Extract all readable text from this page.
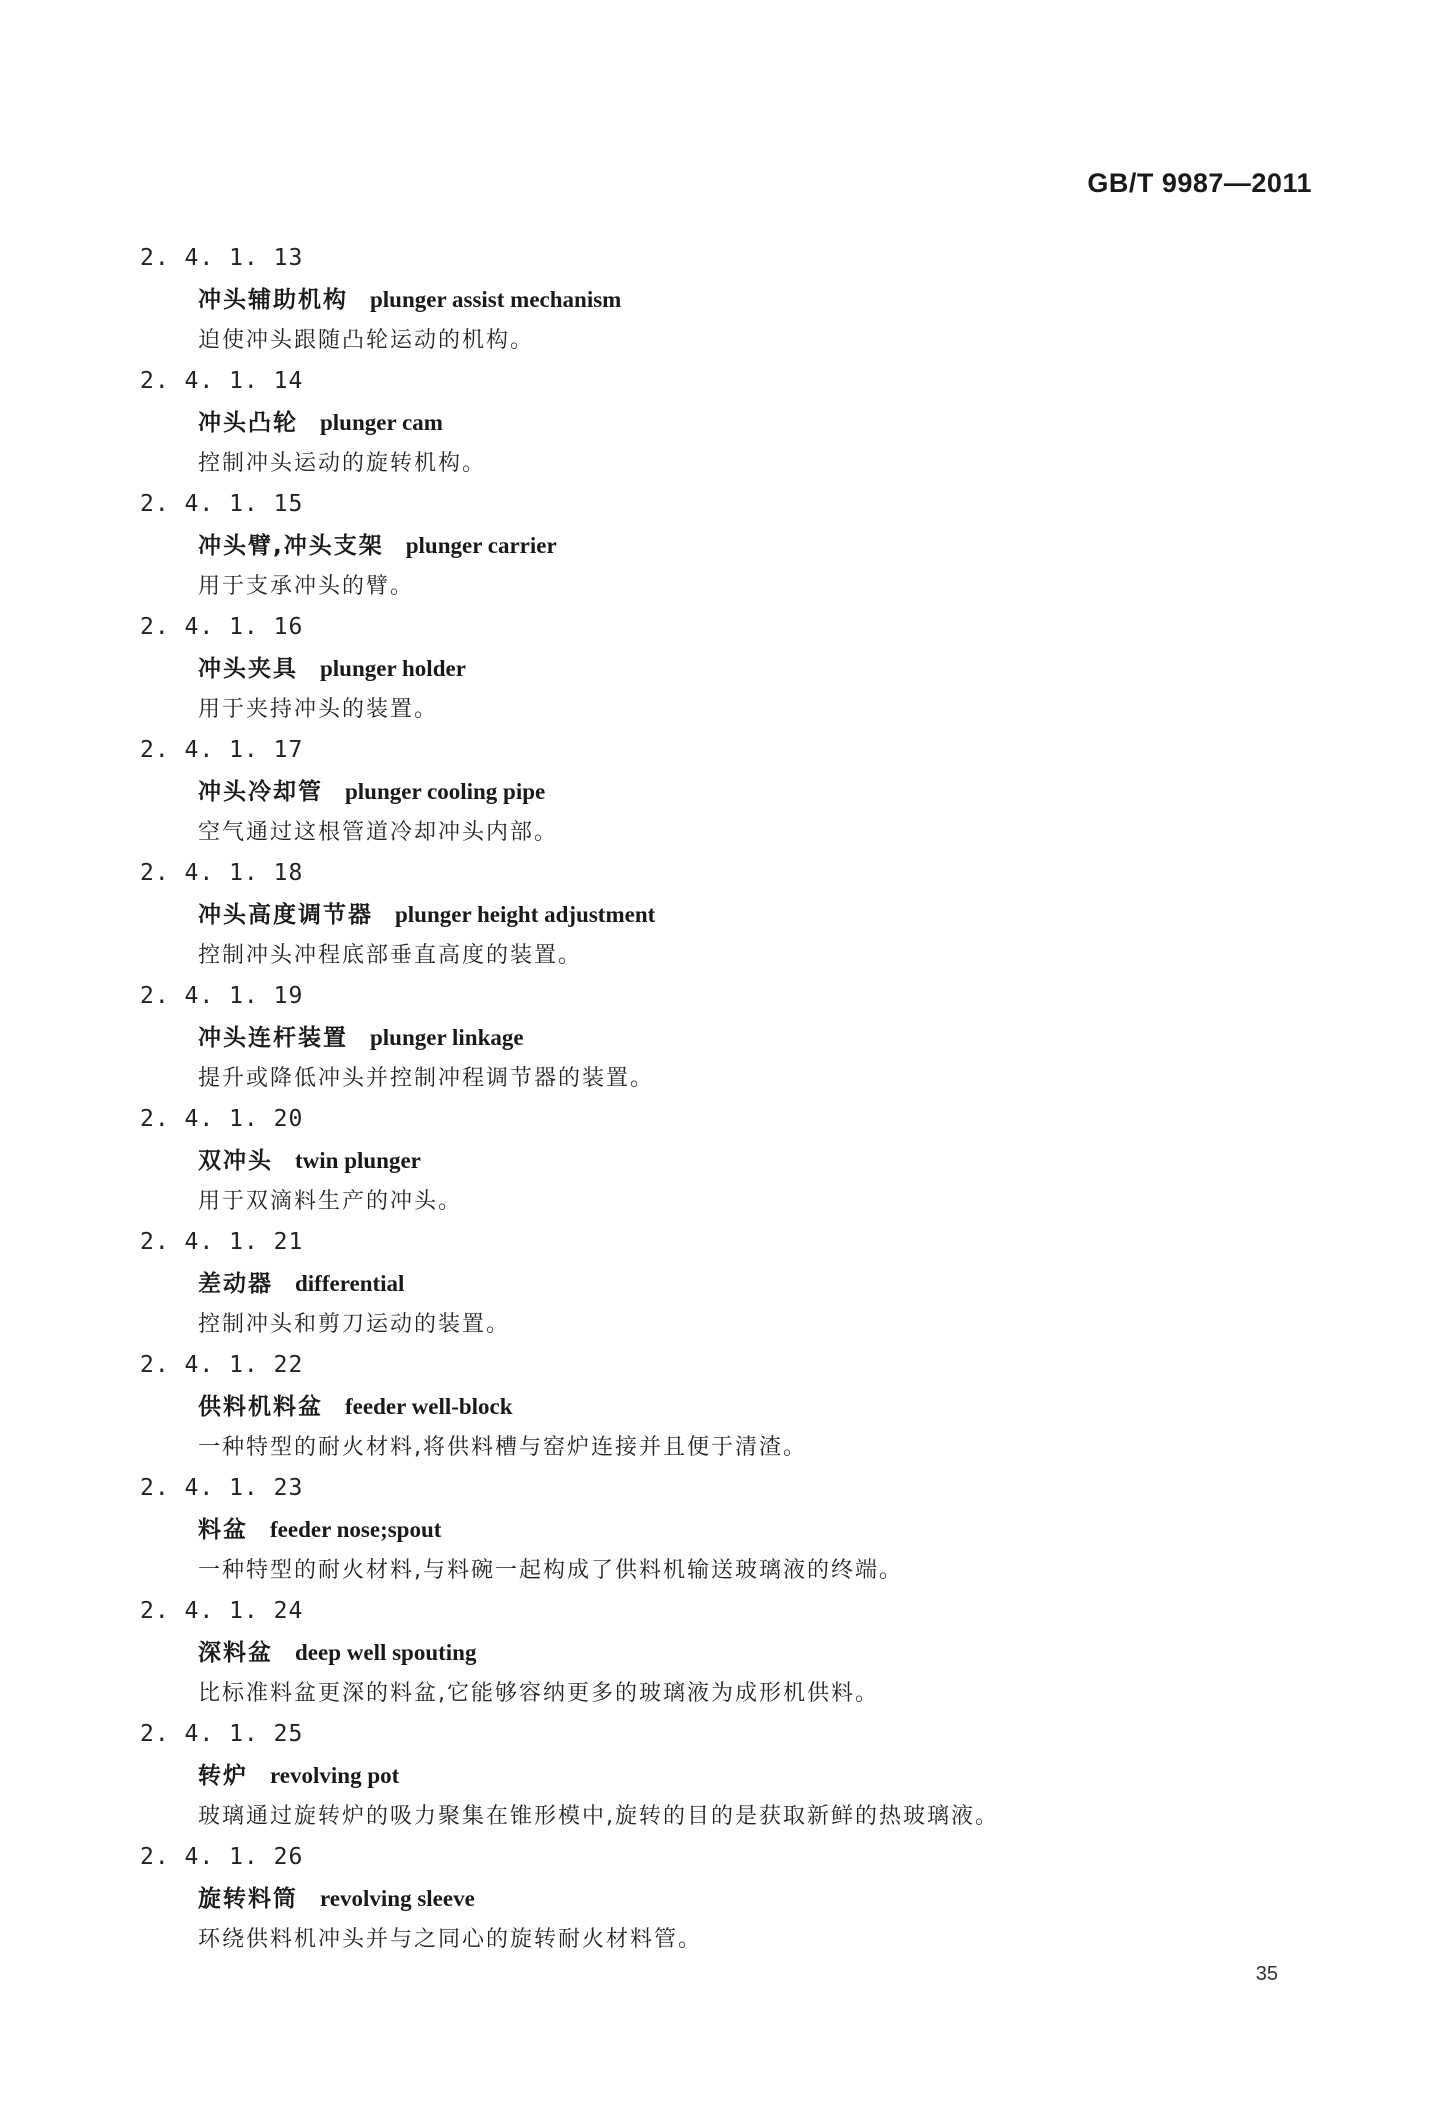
GB/T 9987—2011
2. 4. 1. 13
冲头辅助机构 plunger assist mechanism
迫使冲头跟随凸轮运动的机构。
2. 4. 1. 14
冲头凸轮 plunger cam
控制冲头运动的旋转机构。
2. 4. 1. 15
冲头臂,冲头支架 plunger carrier
用于支承冲头的臂。
2. 4. 1. 16
冲头夹具 plunger holder
用于夹持冲头的装置。
2. 4. 1. 17
冲头冷却管 plunger cooling pipe
空气通过这根管道冷却冲头内部。
2. 4. 1. 18
冲头高度调节器 plunger height adjustment
控制冲头冲程底部垂直高度的装置。
2. 4. 1. 19
冲头连杆装置 plunger linkage
提升或降低冲头并控制冲程调节器的装置。
2. 4. 1. 20
双冲头 twin plunger
用于双滴料生产的冲头。
2. 4. 1. 21
差动器 differential
控制冲头和剪刀运动的装置。
2. 4. 1. 22
供料机料盆 feeder well-block
一种特型的耐火材料,将供料槽与窑炉连接并且便于清渣。
2. 4. 1. 23
料盆 feeder nose;spout
一种特型的耐火材料,与料碗一起构成了供料机输送玻璃液的终端。
2. 4. 1. 24
深料盆 deep well spouting
比标准料盆更深的料盆,它能够容纳更多的玻璃液为成形机供料。
2. 4. 1. 25
转炉 revolving pot
玻璃通过旋转炉的吸力聚集在锥形模中,旋转的目的是获取新鲜的热玻璃液。
2. 4. 1. 26
旋转料筒 revolving sleeve
环绕供料机冲头并与之同心的旋转耐火材料管。
35
